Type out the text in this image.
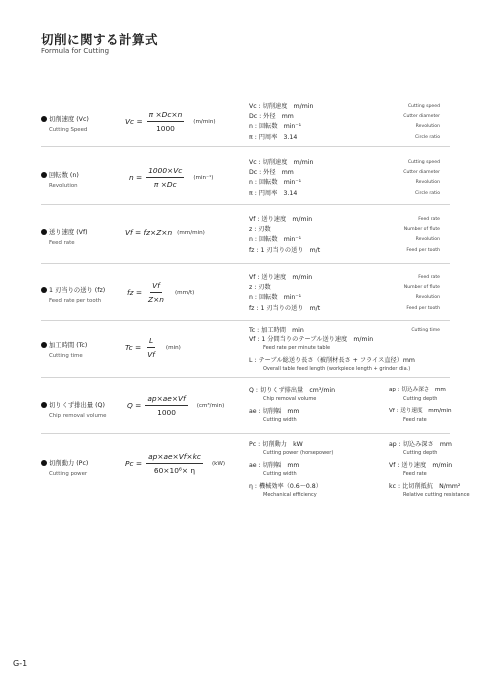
切削に関する計算式
Formula for Cutting
切削速度 (Vc)
Cutting Speed
$Vc = \frac{\pi \times Dc\times n}{1000} (m/\min)$
Vc : 切削速度　m/min
Dc : 外径　mm
n : 回転数　min⁻¹
π : 円周率　3.14
Cutting speed
Cutter diameter
Revolution
Circle ratio
回転数 (n)
Revolution
$n = \frac{1000\times Vc}{\pi \times Dc} (\min^{-1})$
Vc : 切削速度　m/min
Dc : 外径　mm
n : 回転数　min⁻¹
π : 円周率　3.14
Cutting speed
Cutter diameter
Revolution
Circle ratio
送り速度 (Vf)
Feed rate
Vf = fz×Z×n (mm/min)
Vf : 送り速度　m/min
z : 刃数
n : 回転数　min⁻¹
fz : 1 刃当りの送り　m/t
Feed rate
Number of flute
Revolution
Feed per tooth
1 刃当りの送り (fz)
Feed rate per tooth
fz = $\frac{Vf}{Z\times n} (mm/t)$
Vf : 送り速度　m/min
z : 刃数
n : 回転数　min⁻¹
fz : 1 刃当りの送り　m/t
Feed rate
Number of flute
Revolution
Feed per tooth
加工時間 (Tc)
Cutting time
$Tc = \frac{L}{Vf} (\min)$
Tc : 加工時間　min
Vf : 1 分間当りのテーブル送り速度　m/min
Feed rate per minute table
L : テーブル総送り長さ（被削材長さ + フライス直径）mm
Overall table feed length (workpiece length + grinder dia.)
Cutting time
切りくず排出量 (Q)
Chip removal volume
$Q = \frac{ap\times ae\times Vf}{1000} (cm^3/\min)$
Q : 切りくず排出量　cm³/min
Chip removal volume
ae : 切削幅　mm
Cutting width
ap : 切込み深さ　mm
Cutting depth
Vf : 送り速度　mm/min
Feed rate
切削動力 (Pc)
Cutting power
$Pc = \frac{ap\times ae\times Vf\times kc}{\text{60×10⁶× η}} (kW)$
Pc : 切削動力　kW
Cutting power (horsepower)
ae : 切削幅　mm
Cutting width
η : 機械効率（0.6〜0.8）
Mechanical efficiency
ap : 切込み深さ　mm
Cutting depth
Vf : 送り速度　m/min
Feed rate
kc : 比切削抵抗　N/mm²
Relative cutting resistance
G-1
